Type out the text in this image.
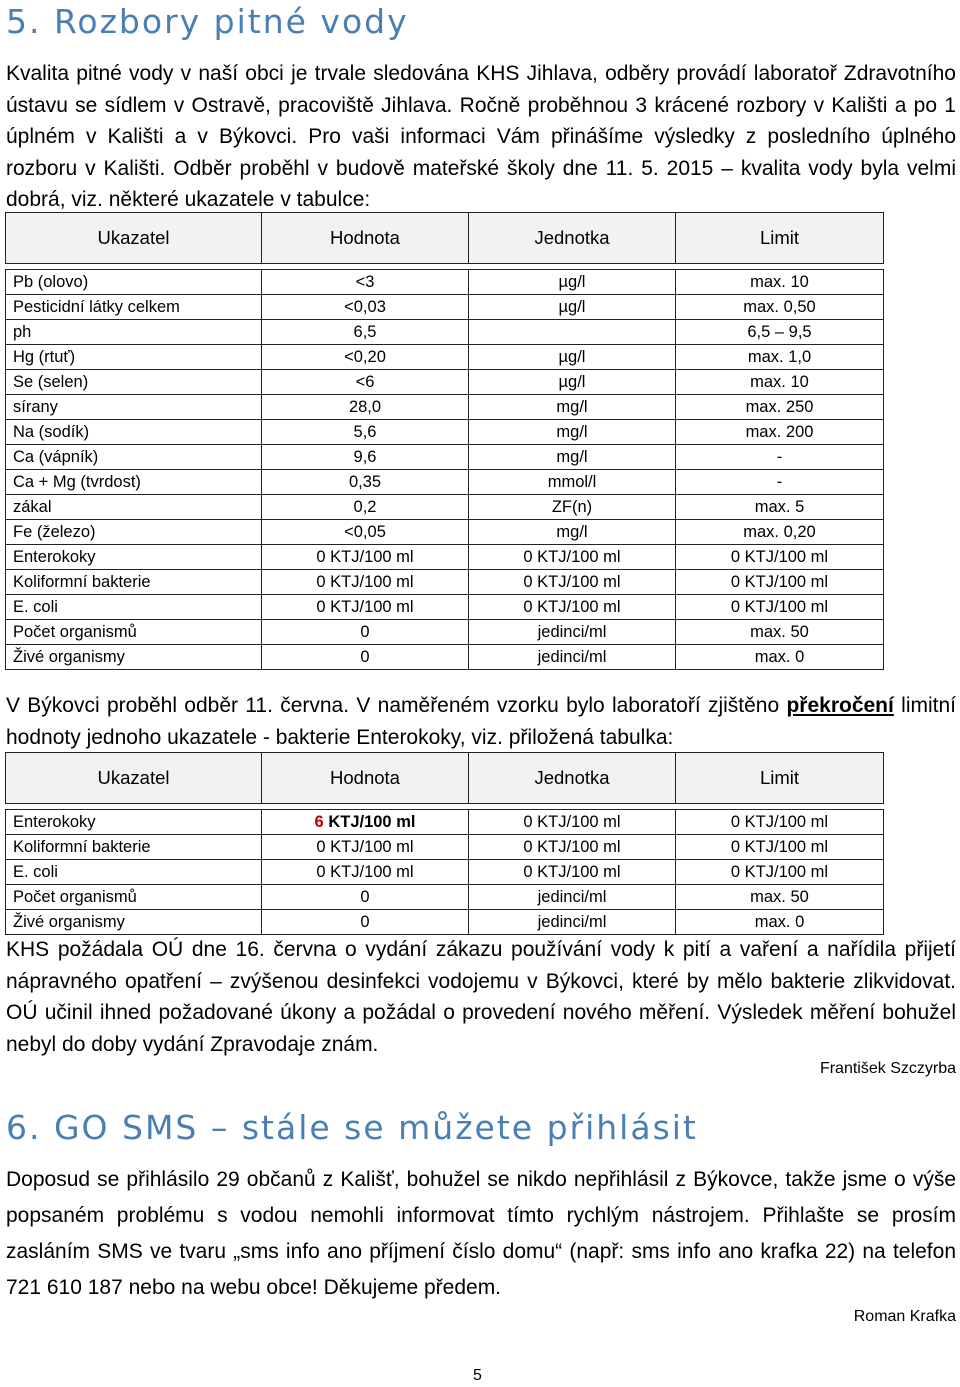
5. Rozbory pitné vody

Kvalita pitné vody v naší obci je trvale sledována KHS Jihlava, odběry provádí laboratoř Zdravotního ústavu se sídlem v Ostravě, pracoviště Jihlava. Ročně proběhnou 3 krácené rozbory v Kališti a po 1 úplném v Kališti a v Býkovci. Pro vaši informaci Vám přinášíme výsledky z posledního úplného rozboru v Kališti. Odběr proběhl v budově mateřské školy dne 11. 5. 2015 – kvalita vody byla velmi dobrá, viz. některé ukazatele v tabulce:

Ukazatel	Hodnota	Jednotka	Limit

Pb (olovo)	<3	µg/l	max. 10
Pesticidní látky celkem	<0,03	µg/l	max. 0,50
ph	6,5		6,5 – 9,5
Hg (rtuť)	<0,20	µg/l	max. 1,0
Se (selen)	<6	µg/l	max. 10
sírany	28,0	mg/l	max. 250
Na (sodík)	5,6	mg/l	max. 200
Ca (vápník)	9,6	mg/l	-
Ca + Mg (tvrdost)	0,35	mmol/l	-
zákal	0,2	ZF(n)	max. 5
Fe (železo)	<0,05	mg/l	max. 0,20
Enterokoky	0 KTJ/100 ml	0 KTJ/100 ml	0 KTJ/100 ml
Koliformní bakterie	0 KTJ/100 ml	0 KTJ/100 ml	0 KTJ/100 ml
E. coli	0 KTJ/100 ml	0 KTJ/100 ml	0 KTJ/100 ml
Počet organismů	0	jedinci/ml	max. 50
Živé organismy	0	jedinci/ml	max. 0

V Býkovci proběhl odběr 11. června. V naměřeném vzorku bylo laboratoří zjištěno překročení limitní hodnoty jednoho ukazatele - bakterie Enterokoky, viz. přiložená tabulka:

Ukazatel	Hodnota	Jednotka	Limit

Enterokoky	6 KTJ/100 ml	0 KTJ/100 ml	0 KTJ/100 ml
Koliformní bakterie	0 KTJ/100 ml	0 KTJ/100 ml	0 KTJ/100 ml
E. coli	0 KTJ/100 ml	0 KTJ/100 ml	0 KTJ/100 ml
Počet organismů	0	jedinci/ml	max. 50
Živé organismy	0	jedinci/ml	max. 0

KHS požádala OÚ dne 16. června o vydání zákazu používání vody k pití a vaření a nařídila přijetí nápravného opatření – zvýšenou desinfekci vodojemu v Býkovci, které by mělo bakterie zlikvidovat. OÚ učinil ihned požadované úkony a požádal o provedení nového měření. Výsledek měření bohužel nebyl do doby vydání Zpravodaje znám.

František Szczyrba

6. GO SMS – stále se můžete přihlásit

Doposud se přihlásilo 29 občanů z Kališť, bohužel se nikdo nepřihlásil z Býkovce, takže jsme o výše popsaném problému s vodou nemohli informovat tímto rychlým nástrojem. Přihlašte se prosím zasláním SMS ve tvaru „sms info ano příjmení číslo domu“ (např: sms info ano krafka 22) na telefon 721 610 187 nebo na webu obce! Děkujeme předem.

Roman Krafka

5
